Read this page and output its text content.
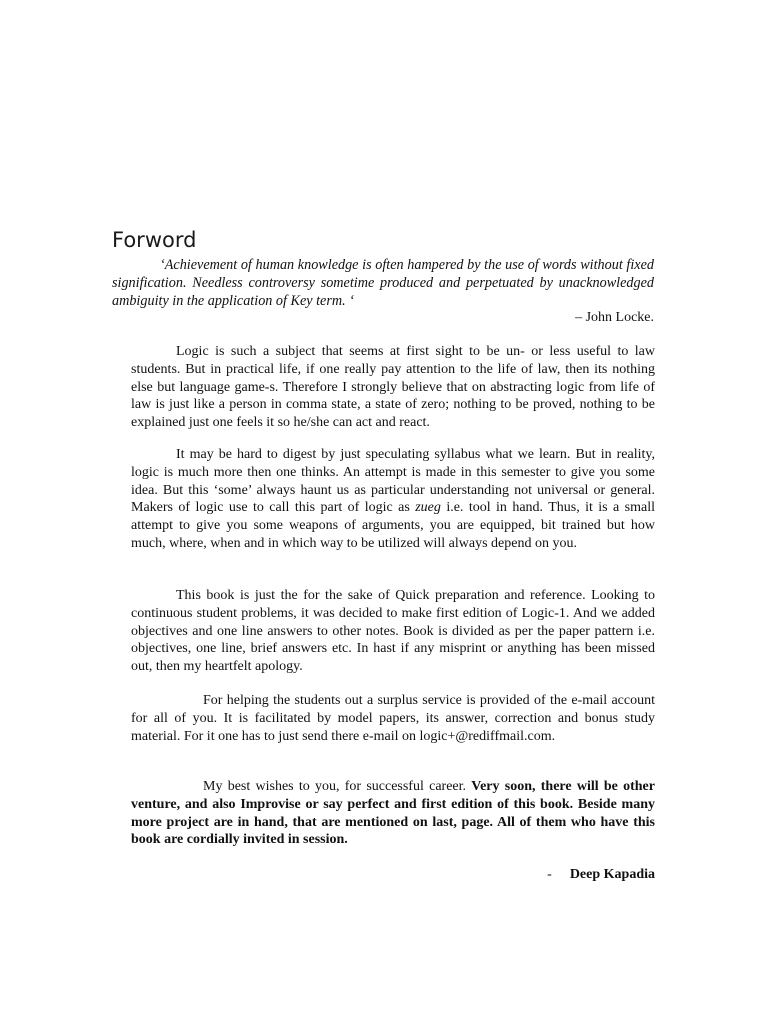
Forword

‘Achievement of human knowledge is often hampered by the use of words without fixed signification. Needless controversy sometime produced and perpetuated by unacknowledged ambiguity in the application of Key term. ‘

– John Locke.

Logic is such a subject that seems at first sight to be un- or less useful to law students. But in practical life, if one really pay attention to the life of law, then its nothing else but language game-s. Therefore I strongly believe that on abstracting logic from life of law is just like a person in comma state, a state of zero; nothing to be proved, nothing to be explained just one feels it so he/she can act and react.

It may be hard to digest by just speculating syllabus what we learn. But in reality, logic is much more then one thinks. An attempt is made in this semester to give you some idea. But this ‘some’ always haunt us as particular understanding not universal or general. Makers of logic use to call this part of logic as zueg i.e. tool in hand. Thus, it is a small attempt to give you some weapons of arguments, you are equipped, bit trained but how much, where, when and in which way to be utilized will always depend on you.

This book is just the for the sake of Quick preparation and reference. Looking to continuous student problems, it was decided to make first edition of Logic-1. And we added objectives and one line answers to other notes. Book is divided as per the paper pattern i.e. objectives, one line, brief answers etc. In hast if any misprint or anything has been missed out, then my heartfelt apology.

For helping the students out a surplus service is provided of the e-mail account for all of you. It is facilitated by model papers, its answer, correction and bonus study material. For it one has to just send there e-mail on logic+@rediffmail.com.

My best wishes to you, for successful career. Very soon, there will be other venture, and also Improvise or say perfect and first edition of this book. Beside many more project are in hand, that are mentioned on last, page. All of them who have this book are cordially invited in session.

- Deep Kapadia
